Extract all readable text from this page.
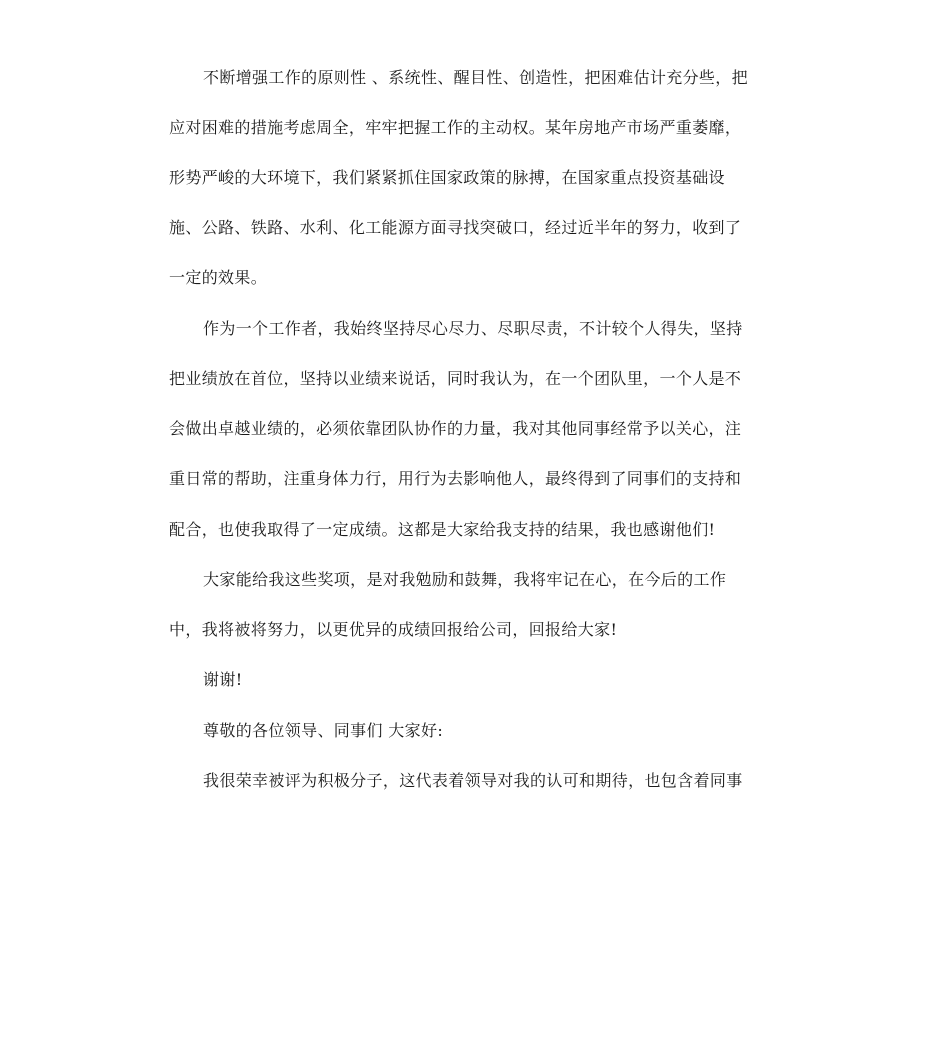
不断增强工作的原则性 、系统性、醒目性、创造性，把困难估计充分些，把
应对困难的措施考虑周全，牢牢把握工作的主动权。某年房地产市场严重萎靡，
形势严峻的大环境下，我们紧紧抓住国家政策的脉搏，在国家重点投资基础设
施、公路、铁路、水利、化工能源方面寻找突破口，经过近半年的努力，收到了
一定的效果。
作为一个工作者，我始终坚持尽心尽力、尽职尽责，不计较个人得失，坚持
把业绩放在首位，坚持以业绩来说话，同时我认为，在一个团队里，一个人是不
会做出卓越业绩的，必须依靠团队协作的力量，我对其他同事经常予以关心，注
重日常的帮助，注重身体力行，用行为去影响他人，最终得到了同事们的支持和
配合，也使我取得了一定成绩。这都是大家给我支持的结果，我也感谢他们!
大家能给我这些奖项，是对我勉励和鼓舞，我将牢记在心，在今后的工作
中，我将被将努力，以更优异的成绩回报给公司，回报给大家!
谢谢!
尊敬的各位领导、同事们 大家好:
我很荣幸被评为积极分子，这代表着领导对我的认可和期待，也包含着同事
